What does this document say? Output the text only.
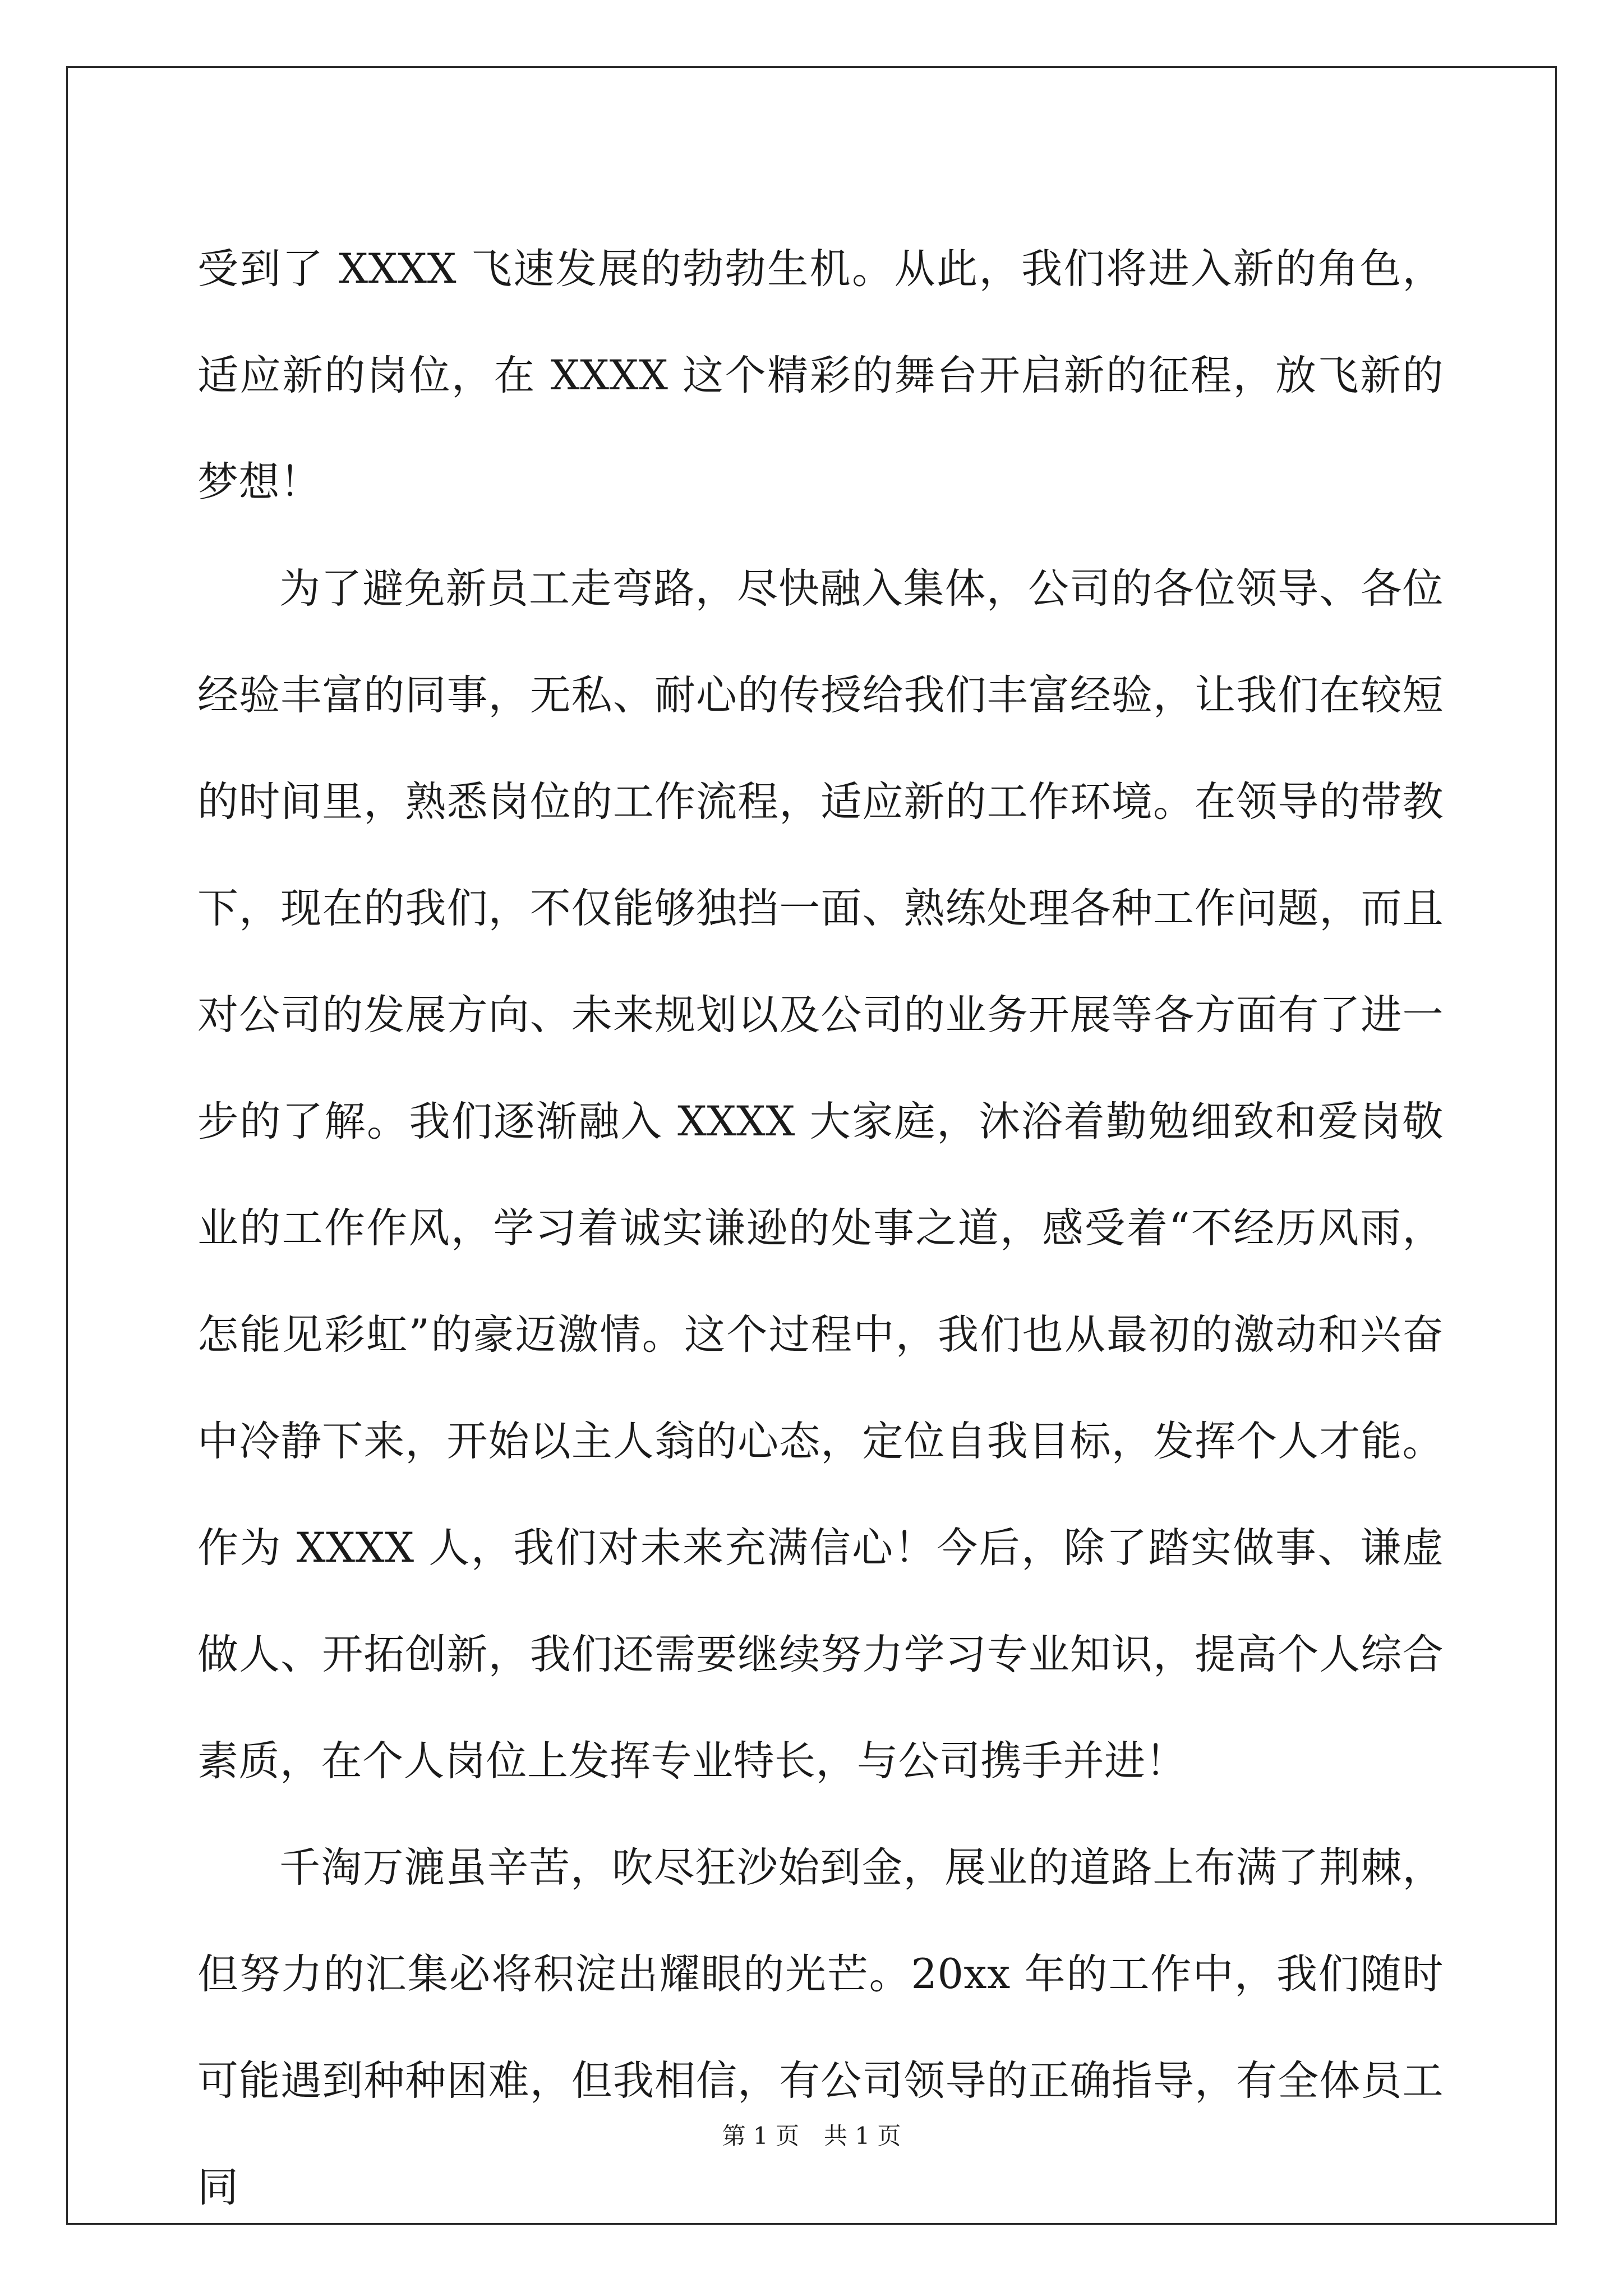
受到了 XXXX 飞速发展的勃勃生机。从此，我们将进入新的角色，适应新的岗位，在 XXXX 这个精彩的舞台开启新的征程，放飞新的梦想！

为了避免新员工走弯路，尽快融入集体，公司的各位领导、各位经验丰富的同事，无私、耐心的传授给我们丰富经验，让我们在较短的时间里，熟悉岗位的工作流程，适应新的工作环境。在领导的带教下，现在的我们，不仅能够独挡一面、熟练处理各种工作问题，而且对公司的发展方向、未来规划以及公司的业务开展等各方面有了进一步的了解。我们逐渐融入 XXXX 大家庭，沐浴着勤勉细致和爱岗敬业的工作作风，学习着诚实谦逊的处事之道，感受着“不经历风雨，怎能见彩虹”的豪迈激情。这个过程中，我们也从最初的激动和兴奋中冷静下来，开始以主人翁的心态，定位自我目标，发挥个人才能。作为 XXXX 人，我们对未来充满信心！今后，除了踏实做事、谦虚做人、开拓创新，我们还需要继续努力学习专业知识，提高个人综合素质，在个人岗位上发挥专业特长，与公司携手并进！

千淘万漉虽辛苦，吹尽狂沙始到金，展业的道路上布满了荆棘，但努力的汇集必将积淀出耀眼的光芒。20xx 年的工作中，我们随时可能遇到种种困难，但我相信，有公司领导的正确指导，有全体员工同

第 1 页 共 1 页
